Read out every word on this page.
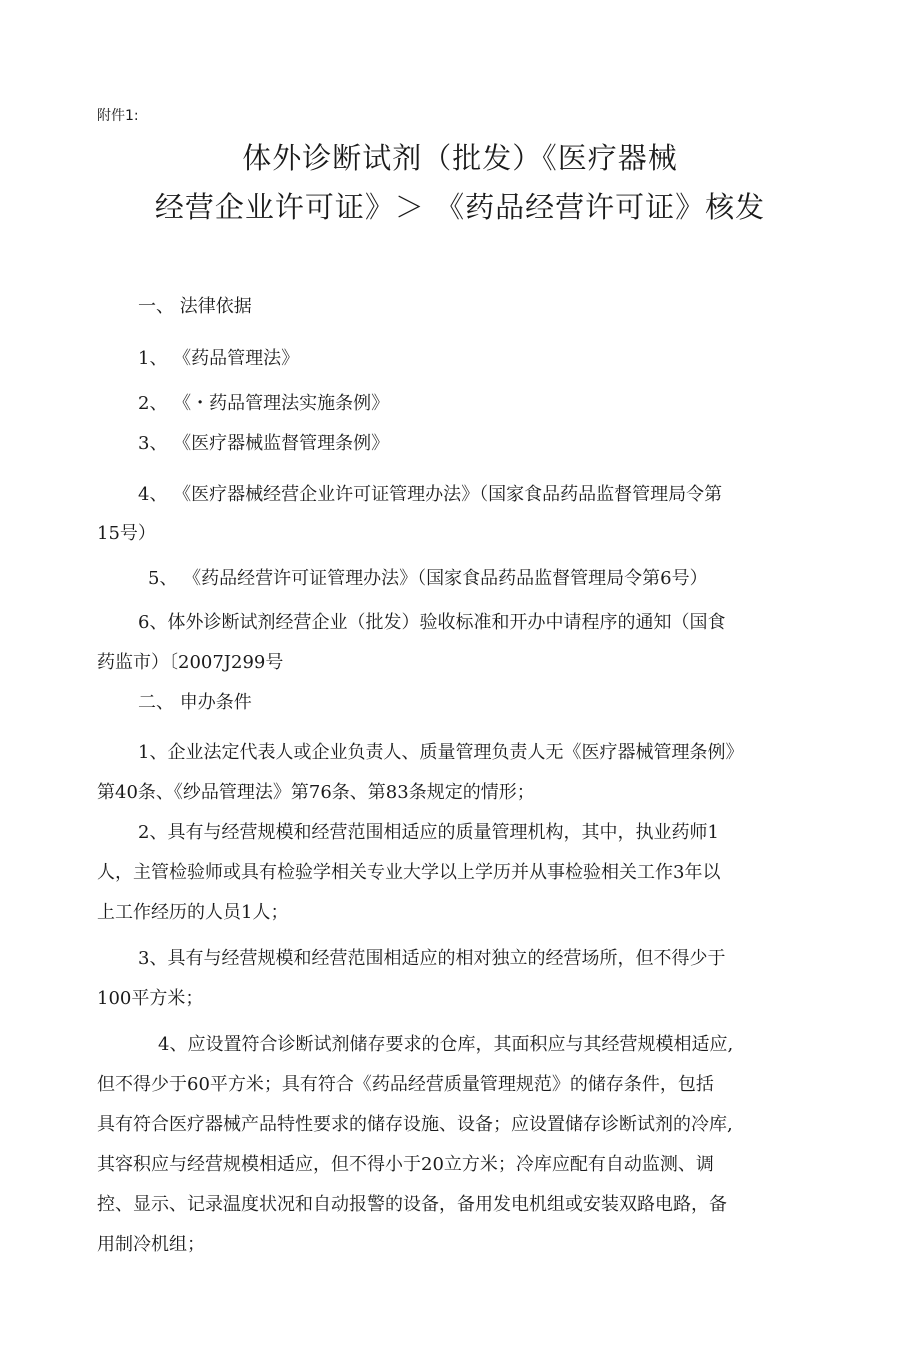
附件1:
体外诊断试剂（批发）《医疗器械
经营企业许可证》＞ 《药品经营许可证》核发
一、 法律依据
1、 《药品管理法》
2、 《・药品管理法实施条例》
3、 《医疗器械监督管理条例》
4、 《医疗器械经营企业许可证管理办法》（国家食品药品监督管理局令第
15号）
5、 《药品经营许可证管理办法》（国家食品药品监督管理局令第6号）
6、体外诊断试剂经营企业（批发）验收标准和开办中请程序的通知（国食
药监市）〔2007J299号
二、 申办条件
1、企业法定代表人或企业负责人、质量管理负责人无《医疗器械管理条例》
第40条、《纱品管理法》第76条、第83条规定的情形；
2、具有与经营规模和经营范围相适应的质量管理机构，其中，执业药师1
人，主管检验师或具有检验学相关专业大学以上学历并从事检验相关工作3年以
上工作经历的人员1人；
3、具有与经营规模和经营范围相适应的相对独立的经营场所，但不得少于
100平方米；
4、应设置符合诊断试剂储存要求的仓库，其面积应与其经营规模相适应,
但不得少于60平方米；具有符合《药品经营质量管理规范》的储存条件，包括
具有符合医疗器械产品特性要求的储存设施、设备；应设置储存诊断试剂的冷库,
其容积应与经营规模相适应，但不得小于20立方米；冷库应配有自动监测、调
控、显示、记录温度状况和自动报警的设备，备用发电机组或安装双路电路，备
用制冷机组；
